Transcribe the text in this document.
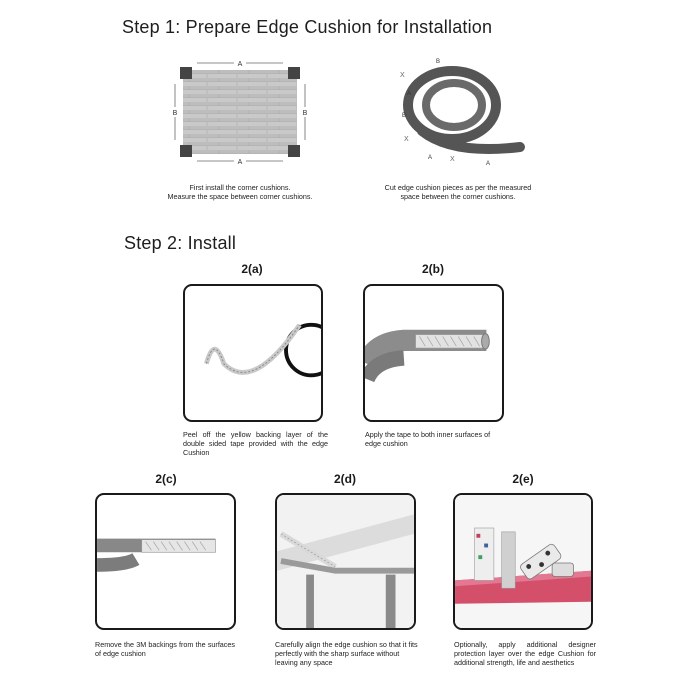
Step 1: Prepare Edge Cushion for Installation
A
A
B	B
First install the corner cushions.
Measure the space between corner cushions.
B
A
B
A
A
X
X
X
Cut edge cushion pieces as per the measured
space between the corner cushions.
Step 2: Install
2(a)
Peel off the yellow backing layer of the double sided tape provided with the edge Cushion
2(b)
Apply the tape to both inner surfaces of edge cushion
2(c)
Remove the 3M backings from the surfaces of edge cushion
2(d)
Carefully align the edge cushion so that it fits perfectly with the sharp surface without leaving any space
2(e)
Optionally, apply additional designer protection layer over the edge Cushion for additional strength, life and aesthetics
